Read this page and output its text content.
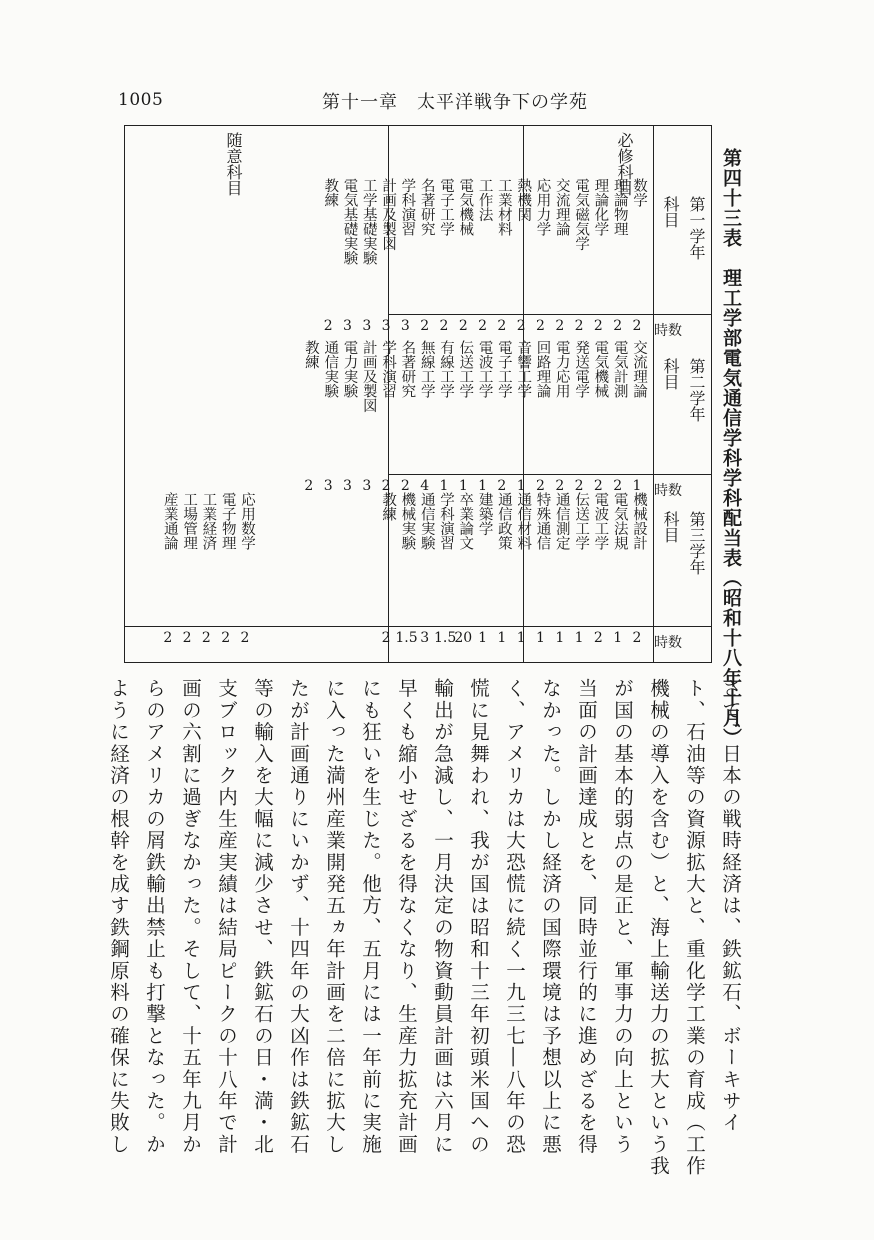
1005	第十一章　太平洋戦争下の学苑
第四十三表　理工学部電気通信学科学科配当表（昭和十八年十月）
必修科目
随意科目
第一学年
第二学年
第三学年
科目
科目
科目
時数
時数
時数
数学
2
理論物理
2
理論化学
2
電気磁気学
2
交流理論
2
応用力学
2
熱機関
2
工業材料
2
工作法
2
電気機械
2
電子工学
2
名著研究
2
学科演習
3
計画及製図
3
工学基礎実験
3
電気基礎実験
3
教練
2
交流理論
1
電気計測
2
電気機械
2
発送電学
2
電力応用
2
回路理論
2
音響工学
1
電子工学
2
電波工学
1
伝送工学
1
有線工学
1
無線工学
4
名著研究
2
学科演習
2
計画及製図
3
電力実験
3
通信実験
3
教練
2
機械設計
2
電気法規
1
電波工学
2
伝送工学
1
通信測定
1
特殊通信
1
通信材料
1
通信政策
1
建築学
1
卒業論文
20
学科演習
1.5
通信実験
3
機械実験
1.5
教練
2
応用数学
2
電子物理
2
工業経済
2
工場管理
2
産業通論
2
さて、日本の戦時経済は、鉄鉱石、ボーキサイ
ト、石油等の資源拡大と、重化学工業の育成（工作
機械の導入を含む）と、海上輸送力の拡大という我
が国の基本的弱点の是正と、軍事力の向上という
当面の計画達成とを、同時並行的に進めざるを得
なかった。しかし経済の国際環境は予想以上に悪
く、アメリカは大恐慌に続く一九三七―八年の恐
慌に見舞われ、我が国は昭和十三年初頭米国への
輸出が急減し、一月決定の物資動員計画は六月に
早くも縮小せざるを得なくなり、生産力拡充計画
にも狂いを生じた。他方、五月には一年前に実施
に入った満州産業開発五ヵ年計画を二倍に拡大し
たが計画通りにいかず、十四年の大凶作は鉄鉱石
等の輸入を大幅に減少させ、鉄鉱石の日・満・北
支ブロック内生産実績は結局ピークの十八年で計
画の六割に過ぎなかった。そして、十五年九月か
らのアメリカの屑鉄輸出禁止も打撃となった。か
ように経済の根幹を成す鉄鋼原料の確保に失敗し
